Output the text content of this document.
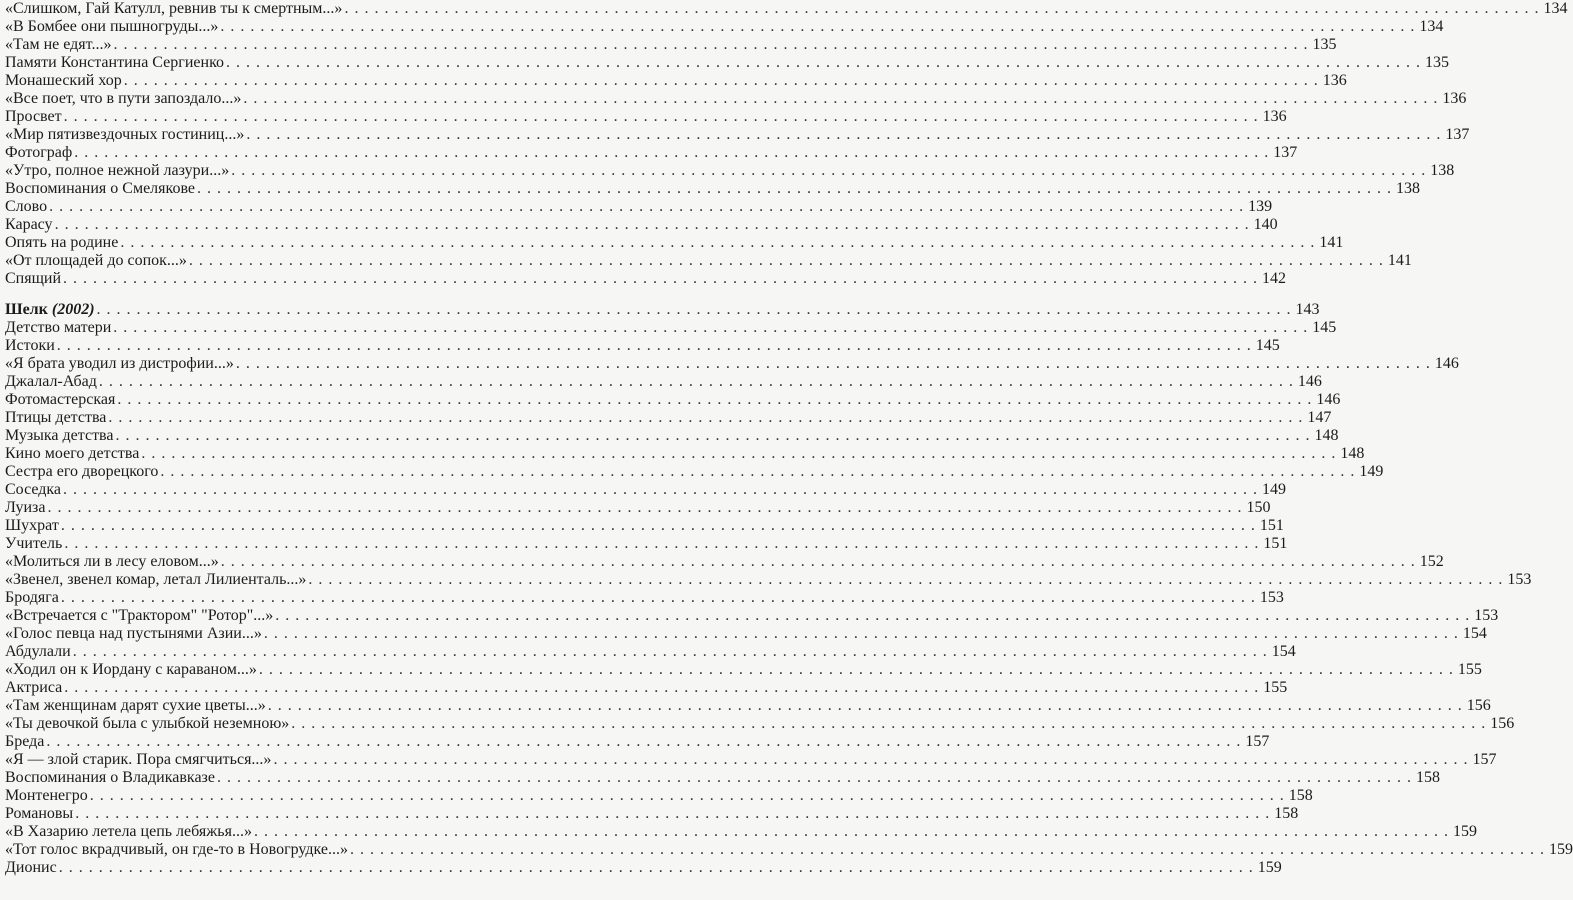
«Слишком, Гай Катулл, ревнив ты к смертным...» . . . . . . . . . . . . . . . . . . . . . . . . . . . . . . . . . . . . . . . . . . . . . . . . . . . . . . . . . . . . . . . . . . . . . . . . . . . . . . . . . . . . . . . . . . . . . . . . . . . . . . . . . . . . . . . . . . . . . . . . 134
«В Бомбее они пышногруды...» . . . . . . . . . . . . . . . . . . . . . . . . . . . . . . . . . . . . . . . . . . . . . . . . . . . . . . . . . . . . . . . . . . . . . . . . . . . . . . . . . . . . . . . . . . . . . . . . . . . . . . . . . . . . . . . . . . . . . . . . 134
«Там не едят...» . . . . . . . . . . . . . . . . . . . . . . . . . . . . . . . . . . . . . . . . . . . . . . . . . . . . . . . . . . . . . . . . . . . . . . . . . . . . . . . . . . . . . . . . . . . . . . . . . . . . . . . . . . . . . . . . . . . . . . . . 135
Памяти Константина Сергиенко . . . . . . . . . . . . . . . . . . . . . . . . . . . . . . . . . . . . . . . . . . . . . . . . . . . . . . . . . . . . . . . . . . . . . . . . . . . . . . . . . . . . . . . . . . . . . . . . . . . . . . . . . . . . . . . . . . . . . . . . 135
Монашеский хор . . . . . . . . . . . . . . . . . . . . . . . . . . . . . . . . . . . . . . . . . . . . . . . . . . . . . . . . . . . . . . . . . . . . . . . . . . . . . . . . . . . . . . . . . . . . . . . . . . . . . . . . . . . . . . . . . . . . . . . . 136
«Все поет, что в пути запоздало...» . . . . . . . . . . . . . . . . . . . . . . . . . . . . . . . . . . . . . . . . . . . . . . . . . . . . . . . . . . . . . . . . . . . . . . . . . . . . . . . . . . . . . . . . . . . . . . . . . . . . . . . . . . . . . . . . . . . . . . . . 136
Просвет . . . . . . . . . . . . . . . . . . . . . . . . . . . . . . . . . . . . . . . . . . . . . . . . . . . . . . . . . . . . . . . . . . . . . . . . . . . . . . . . . . . . . . . . . . . . . . . . . . . . . . . . . . . . . . . . . . . . . . . . 136
«Мир пятизвездочных гостиниц...» . . . . . . . . . . . . . . . . . . . . . . . . . . . . . . . . . . . . . . . . . . . . . . . . . . . . . . . . . . . . . . . . . . . . . . . . . . . . . . . . . . . . . . . . . . . . . . . . . . . . . . . . . . . . . . . . . . . . . . . . 137
Фотограф . . . . . . . . . . . . . . . . . . . . . . . . . . . . . . . . . . . . . . . . . . . . . . . . . . . . . . . . . . . . . . . . . . . . . . . . . . . . . . . . . . . . . . . . . . . . . . . . . . . . . . . . . . . . . . . . . . . . . . . . 137
«Утро, полное нежной лазури...» . . . . . . . . . . . . . . . . . . . . . . . . . . . . . . . . . . . . . . . . . . . . . . . . . . . . . . . . . . . . . . . . . . . . . . . . . . . . . . . . . . . . . . . . . . . . . . . . . . . . . . . . . . . . . . . . . . . . . . . . 138
Воспоминания о Смелякове . . . . . . . . . . . . . . . . . . . . . . . . . . . . . . . . . . . . . . . . . . . . . . . . . . . . . . . . . . . . . . . . . . . . . . . . . . . . . . . . . . . . . . . . . . . . . . . . . . . . . . . . . . . . . . . . . . . . . . . . 138
Слово . . . . . . . . . . . . . . . . . . . . . . . . . . . . . . . . . . . . . . . . . . . . . . . . . . . . . . . . . . . . . . . . . . . . . . . . . . . . . . . . . . . . . . . . . . . . . . . . . . . . . . . . . . . . . . . . . . . . . . . . 139
Карасу . . . . . . . . . . . . . . . . . . . . . . . . . . . . . . . . . . . . . . . . . . . . . . . . . . . . . . . . . . . . . . . . . . . . . . . . . . . . . . . . . . . . . . . . . . . . . . . . . . . . . . . . . . . . . . . . . . . . . . . . 140
Опять на родине . . . . . . . . . . . . . . . . . . . . . . . . . . . . . . . . . . . . . . . . . . . . . . . . . . . . . . . . . . . . . . . . . . . . . . . . . . . . . . . . . . . . . . . . . . . . . . . . . . . . . . . . . . . . . . . . . . . . . . . . 141
«От площадей до сопок...» . . . . . . . . . . . . . . . . . . . . . . . . . . . . . . . . . . . . . . . . . . . . . . . . . . . . . . . . . . . . . . . . . . . . . . . . . . . . . . . . . . . . . . . . . . . . . . . . . . . . . . . . . . . . . . . . . . . . . . . . 141
Спящий . . . . . . . . . . . . . . . . . . . . . . . . . . . . . . . . . . . . . . . . . . . . . . . . . . . . . . . . . . . . . . . . . . . . . . . . . . . . . . . . . . . . . . . . . . . . . . . . . . . . . . . . . . . . . . . . . . . . . . . . 142
Шелк (2002) . . . . . . . . . . . . . . . . . . . . . . . . . . . . . . . . . . . . . . . . . . . . . . . . . . . . . . . . . . . . . . . . . . . . . . . . . . . . . . . . . . . . . . . . . . . . . . . . . . . . . . . . . . . . . . . . . . . . . . . . 143
Детство матери . . . . . . . . . . . . . . . . . . . . . . . . . . . . . . . . . . . . . . . . . . . . . . . . . . . . . . . . . . . . . . . . . . . . . . . . . . . . . . . . . . . . . . . . . . . . . . . . . . . . . . . . . . . . . . . . . . . . . . . . 145
Истоки . . . . . . . . . . . . . . . . . . . . . . . . . . . . . . . . . . . . . . . . . . . . . . . . . . . . . . . . . . . . . . . . . . . . . . . . . . . . . . . . . . . . . . . . . . . . . . . . . . . . . . . . . . . . . . . . . . . . . . . . 145
«Я брата уводил из дистрофии...» . . . . . . . . . . . . . . . . . . . . . . . . . . . . . . . . . . . . . . . . . . . . . . . . . . . . . . . . . . . . . . . . . . . . . . . . . . . . . . . . . . . . . . . . . . . . . . . . . . . . . . . . . . . . . . . . . . . . . . . . 146
Джалал-Абад . . . . . . . . . . . . . . . . . . . . . . . . . . . . . . . . . . . . . . . . . . . . . . . . . . . . . . . . . . . . . . . . . . . . . . . . . . . . . . . . . . . . . . . . . . . . . . . . . . . . . . . . . . . . . . . . . . . . . . . . 146
Фотомастерская . . . . . . . . . . . . . . . . . . . . . . . . . . . . . . . . . . . . . . . . . . . . . . . . . . . . . . . . . . . . . . . . . . . . . . . . . . . . . . . . . . . . . . . . . . . . . . . . . . . . . . . . . . . . . . . . . . . . . . . . 146
Птицы детства . . . . . . . . . . . . . . . . . . . . . . . . . . . . . . . . . . . . . . . . . . . . . . . . . . . . . . . . . . . . . . . . . . . . . . . . . . . . . . . . . . . . . . . . . . . . . . . . . . . . . . . . . . . . . . . . . . . . . . . . 147
Музыка детства . . . . . . . . . . . . . . . . . . . . . . . . . . . . . . . . . . . . . . . . . . . . . . . . . . . . . . . . . . . . . . . . . . . . . . . . . . . . . . . . . . . . . . . . . . . . . . . . . . . . . . . . . . . . . . . . . . . . . . . . 148
Кино моего детства . . . . . . . . . . . . . . . . . . . . . . . . . . . . . . . . . . . . . . . . . . . . . . . . . . . . . . . . . . . . . . . . . . . . . . . . . . . . . . . . . . . . . . . . . . . . . . . . . . . . . . . . . . . . . . . . . . . . . . . . 148
Сестра его дворецкого . . . . . . . . . . . . . . . . . . . . . . . . . . . . . . . . . . . . . . . . . . . . . . . . . . . . . . . . . . . . . . . . . . . . . . . . . . . . . . . . . . . . . . . . . . . . . . . . . . . . . . . . . . . . . . . . . . . . . . . . 149
Соседка . . . . . . . . . . . . . . . . . . . . . . . . . . . . . . . . . . . . . . . . . . . . . . . . . . . . . . . . . . . . . . . . . . . . . . . . . . . . . . . . . . . . . . . . . . . . . . . . . . . . . . . . . . . . . . . . . . . . . . . . 149
Луиза . . . . . . . . . . . . . . . . . . . . . . . . . . . . . . . . . . . . . . . . . . . . . . . . . . . . . . . . . . . . . . . . . . . . . . . . . . . . . . . . . . . . . . . . . . . . . . . . . . . . . . . . . . . . . . . . . . . . . . . . 150
Шухрат . . . . . . . . . . . . . . . . . . . . . . . . . . . . . . . . . . . . . . . . . . . . . . . . . . . . . . . . . . . . . . . . . . . . . . . . . . . . . . . . . . . . . . . . . . . . . . . . . . . . . . . . . . . . . . . . . . . . . . . . 151
Учитель . . . . . . . . . . . . . . . . . . . . . . . . . . . . . . . . . . . . . . . . . . . . . . . . . . . . . . . . . . . . . . . . . . . . . . . . . . . . . . . . . . . . . . . . . . . . . . . . . . . . . . . . . . . . . . . . . . . . . . . . 151
«Молиться ли в лесу еловом...» . . . . . . . . . . . . . . . . . . . . . . . . . . . . . . . . . . . . . . . . . . . . . . . . . . . . . . . . . . . . . . . . . . . . . . . . . . . . . . . . . . . . . . . . . . . . . . . . . . . . . . . . . . . . . . . . . . . . . . . . 152
«Звенел, звенел комар, летал Лилиенталь...» . . . . . . . . . . . . . . . . . . . . . . . . . . . . . . . . . . . . . . . . . . . . . . . . . . . . . . . . . . . . . . . . . . . . . . . . . . . . . . . . . . . . . . . . . . . . . . . . . . . . . . . . . . . . . . . . . . . . . . . . 153
Бродяга . . . . . . . . . . . . . . . . . . . . . . . . . . . . . . . . . . . . . . . . . . . . . . . . . . . . . . . . . . . . . . . . . . . . . . . . . . . . . . . . . . . . . . . . . . . . . . . . . . . . . . . . . . . . . . . . . . . . . . . . 153
«Встречается с "Трактором" "Ротор"...» . . . . . . . . . . . . . . . . . . . . . . . . . . . . . . . . . . . . . . . . . . . . . . . . . . . . . . . . . . . . . . . . . . . . . . . . . . . . . . . . . . . . . . . . . . . . . . . . . . . . . . . . . . . . . . . . . . . . . . . . 153
«Голос певца над пустынями Азии...» . . . . . . . . . . . . . . . . . . . . . . . . . . . . . . . . . . . . . . . . . . . . . . . . . . . . . . . . . . . . . . . . . . . . . . . . . . . . . . . . . . . . . . . . . . . . . . . . . . . . . . . . . . . . . . . . . . . . . . . . 154
Абдулали . . . . . . . . . . . . . . . . . . . . . . . . . . . . . . . . . . . . . . . . . . . . . . . . . . . . . . . . . . . . . . . . . . . . . . . . . . . . . . . . . . . . . . . . . . . . . . . . . . . . . . . . . . . . . . . . . . . . . . . . 154
«Ходил он к Иордану с караваном...» . . . . . . . . . . . . . . . . . . . . . . . . . . . . . . . . . . . . . . . . . . . . . . . . . . . . . . . . . . . . . . . . . . . . . . . . . . . . . . . . . . . . . . . . . . . . . . . . . . . . . . . . . . . . . . . . . . . . . . . . 155
Актриса . . . . . . . . . . . . . . . . . . . . . . . . . . . . . . . . . . . . . . . . . . . . . . . . . . . . . . . . . . . . . . . . . . . . . . . . . . . . . . . . . . . . . . . . . . . . . . . . . . . . . . . . . . . . . . . . . . . . . . . . 155
«Там женщинам дарят сухие цветы...» . . . . . . . . . . . . . . . . . . . . . . . . . . . . . . . . . . . . . . . . . . . . . . . . . . . . . . . . . . . . . . . . . . . . . . . . . . . . . . . . . . . . . . . . . . . . . . . . . . . . . . . . . . . . . . . . . . . . . . . . 156
«Ты девочкой была с улыбкой неземною» . . . . . . . . . . . . . . . . . . . . . . . . . . . . . . . . . . . . . . . . . . . . . . . . . . . . . . . . . . . . . . . . . . . . . . . . . . . . . . . . . . . . . . . . . . . . . . . . . . . . . . . . . . . . . . . . . . . . . . . . 156
Бреда . . . . . . . . . . . . . . . . . . . . . . . . . . . . . . . . . . . . . . . . . . . . . . . . . . . . . . . . . . . . . . . . . . . . . . . . . . . . . . . . . . . . . . . . . . . . . . . . . . . . . . . . . . . . . . . . . . . . . . . . 157
«Я — злой старик. Пора смягчиться...» . . . . . . . . . . . . . . . . . . . . . . . . . . . . . . . . . . . . . . . . . . . . . . . . . . . . . . . . . . . . . . . . . . . . . . . . . . . . . . . . . . . . . . . . . . . . . . . . . . . . . . . . . . . . . . . . . . . . . . . . 157
Воспоминания о Владикавказе . . . . . . . . . . . . . . . . . . . . . . . . . . . . . . . . . . . . . . . . . . . . . . . . . . . . . . . . . . . . . . . . . . . . . . . . . . . . . . . . . . . . . . . . . . . . . . . . . . . . . . . . . . . . . . . . . . . . . . . . 158
Монтенегро . . . . . . . . . . . . . . . . . . . . . . . . . . . . . . . . . . . . . . . . . . . . . . . . . . . . . . . . . . . . . . . . . . . . . . . . . . . . . . . . . . . . . . . . . . . . . . . . . . . . . . . . . . . . . . . . . . . . . . . . 158
Романовы . . . . . . . . . . . . . . . . . . . . . . . . . . . . . . . . . . . . . . . . . . . . . . . . . . . . . . . . . . . . . . . . . . . . . . . . . . . . . . . . . . . . . . . . . . . . . . . . . . . . . . . . . . . . . . . . . . . . . . . . 158
«В Хазарию летела цепь лебяжья...» . . . . . . . . . . . . . . . . . . . . . . . . . . . . . . . . . . . . . . . . . . . . . . . . . . . . . . . . . . . . . . . . . . . . . . . . . . . . . . . . . . . . . . . . . . . . . . . . . . . . . . . . . . . . . . . . . . . . . . . . 159
«Тот голос вкрадчивый, он где-то в Новогрудке...» . . . . . . . . . . . . . . . . . . . . . . . . . . . . . . . . . . . . . . . . . . . . . . . . . . . . . . . . . . . . . . . . . . . . . . . . . . . . . . . . . . . . . . . . . . . . . . . . . . . . . . . . . . . . . . . . . . . . . . . . 159
Дионис . . . . . . . . . . . . . . . . . . . . . . . . . . . . . . . . . . . . . . . . . . . . . . . . . . . . . . . . . . . . . . . . . . . . . . . . . . . . . . . . . . . . . . . . . . . . . . . . . . . . . . . . . . . . . . . . . . . . . . . . 159
